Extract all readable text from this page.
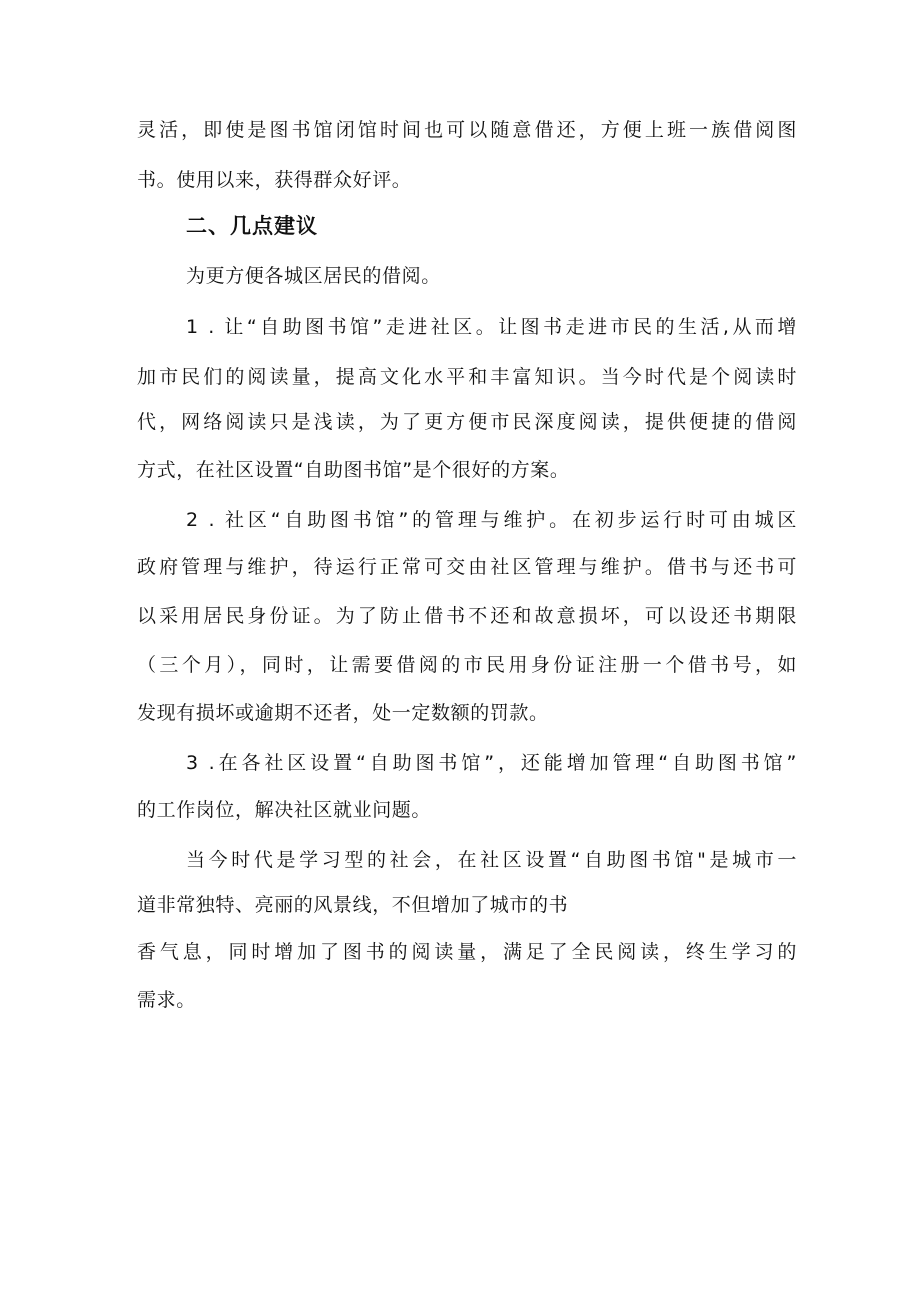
灵活，即使是图书馆闭馆时间也可以随意借还，方便上班一族借阅图
书。使用以来，获得群众好评。
二、几点建议
为更方便各城区居民的借阅。
1 . 让“自助图书馆”走进社区。让图书走进市民的生活,从而增
加市民们的阅读量，提高文化水平和丰富知识。当今时代是个阅读时
代，网络阅读只是浅读，为了更方便市民深度阅读，提供便捷的借阅
方式，在社区设置“自助图书馆”是个很好的方案。
2 . 社区“自助图书馆”的管理与维护。在初步运行时可由城区
政府管理与维护，待运行正常可交由社区管理与维护。借书与还书可
以采用居民身份证。为了防止借书不还和故意损坏，可以设还书期限
（三个月），同时，让需要借阅的市民用身份证注册一个借书号，如
发现有损坏或逾期不还者，处一定数额的罚款。
3 .在各社区设置“自助图书馆”，还能增加管理“自助图书馆”
的工作岗位，解决社区就业问题。
当今时代是学习型的社会，在社区设置“自助图书馆"是城市一
道非常独特、亮丽的风景线，不但增加了城市的书
香气息，同时增加了图书的阅读量，满足了全民阅读，终生学习的
需求。
